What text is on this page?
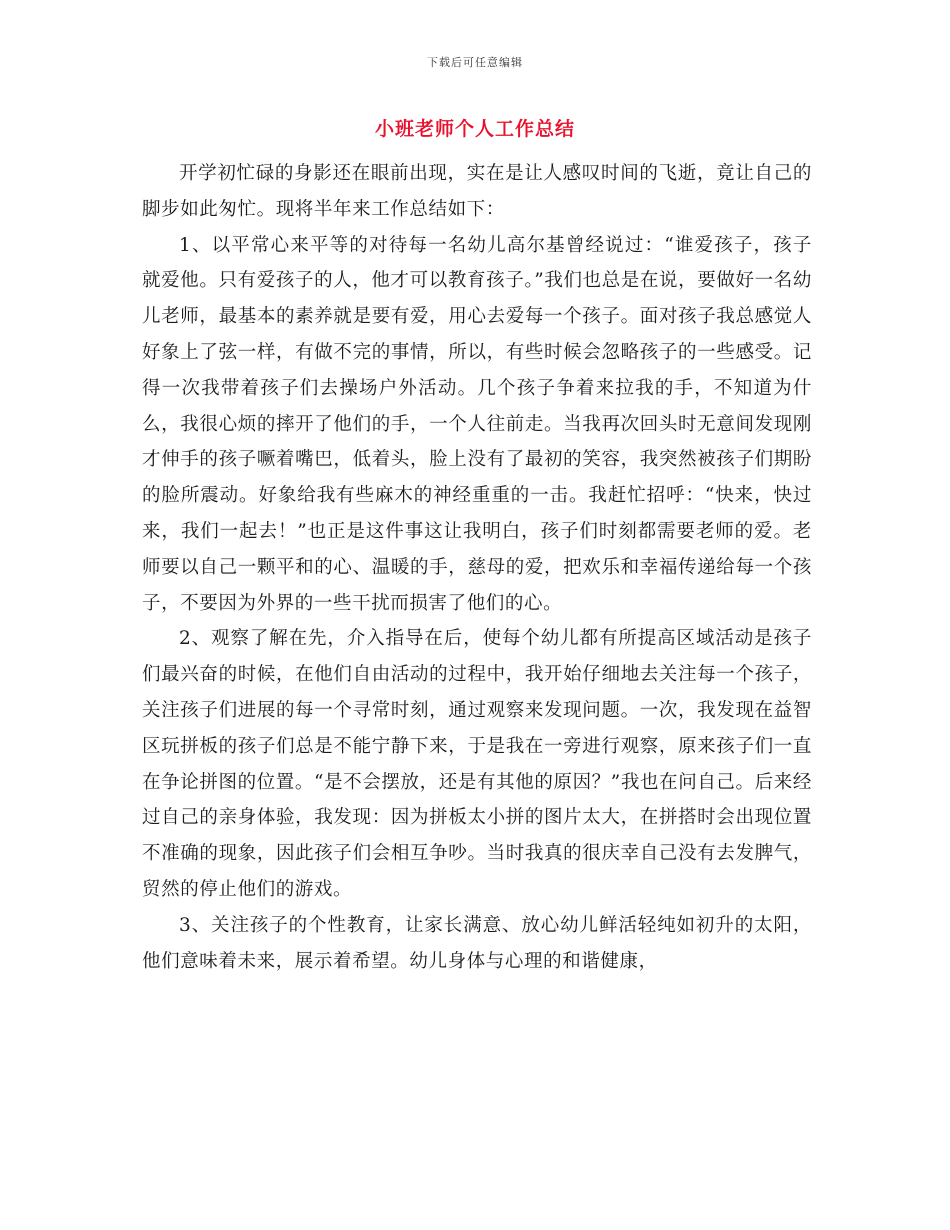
下载后可任意编辑
小班老师个人工作总结

开学初忙碌的身影还在眼前出现，实在是让人感叹时间的飞逝，竟让自己的脚步如此匆忙。现将半年来工作总结如下：

1、以平常心来平等的对待每一名幼儿高尔基曾经说过：“谁爱孩子，孩子就爱他。只有爱孩子的人，他才可以教育孩子。”我们也总是在说，要做好一名幼儿老师，最基本的素养就是要有爱，用心去爱每一个孩子。面对孩子我总感觉人好象上了弦一样，有做不完的事情，所以，有些时候会忽略孩子的一些感受。记得一次我带着孩子们去操场户外活动。几个孩子争着来拉我的手，不知道为什么，我很心烦的摔开了他们的手，一个人往前走。当我再次回头时无意间发现刚才伸手的孩子噘着嘴巴，低着头，脸上没有了最初的笑容，我突然被孩子们期盼的脸所震动。好象给我有些麻木的神经重重的一击。我赶忙招呼：“快来，快过来，我们一起去！”也正是这件事这让我明白，孩子们时刻都需要老师的爱。老师要以自己一颗平和的心、温暖的手，慈母的爱，把欢乐和幸福传递给每一个孩子，不要因为外界的一些干扰而损害了他们的心。

2、观察了解在先，介入指导在后，使每个幼儿都有所提高区域活动是孩子们最兴奋的时候，在他们自由活动的过程中，我开始仔细地去关注每一个孩子，关注孩子们进展的每一个寻常时刻，通过观察来发现问题。一次，我发现在益智区玩拼板的孩子们总是不能宁静下来，于是我在一旁进行观察，原来孩子们一直在争论拼图的位置。“是不会摆放，还是有其他的原因？”我也在问自己。后来经过自己的亲身体验，我发现：因为拼板太小拼的图片太大，在拼搭时会出现位置不准确的现象，因此孩子们会相互争吵。当时我真的很庆幸自己没有去发脾气，贸然的停止他们的游戏。

3、关注孩子的个性教育，让家长满意、放心幼儿鲜活轻纯如初升的太阳，他们意味着未来，展示着希望。幼儿身体与心理的和谐健康，
